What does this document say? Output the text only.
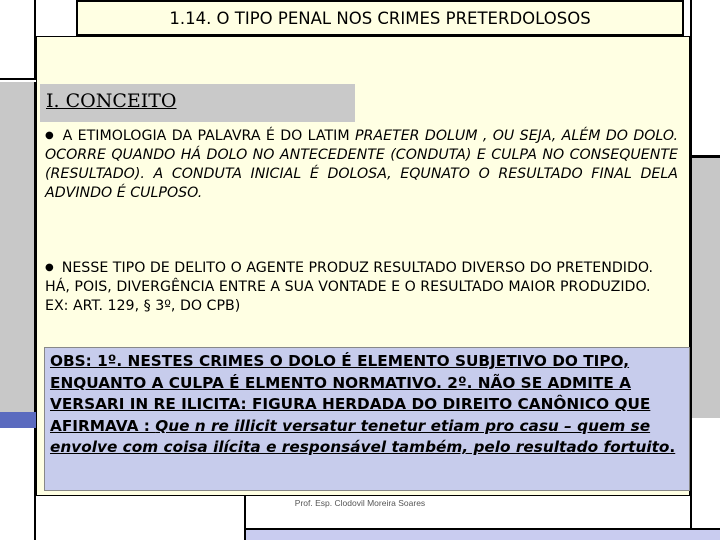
1.14. O TIPO PENAL NOS CRIMES PRETERDOLOSOS
I. CONCEITO
● A ETIMOLOGIA DA PALAVRA É DO LATIM PRAETER DOLUM , OU SEJA, ALÉM DO DOLO. OCORRE QUANDO HÁ DOLO NO ANTECEDENTE (CONDUTA) E CULPA NO CONSEQUENTE (RESULTADO). A CONDUTA INICIAL É DOLOSA, EQUNATO O RESULTADO FINAL DELA ADVINDO É CULPOSO.
● NESSE TIPO DE DELITO O AGENTE PRODUZ RESULTADO DIVERSO DO PRETENDIDO. HÁ, POIS, DIVERGÊNCIA ENTRE A SUA VONTADE E O RESULTADO MAIOR PRODUZIDO. EX: ART. 129, § 3º, DO CPB)
OBS: 1º. NESTES CRIMES O DOLO É ELEMENTO SUBJETIVO DO TIPO, ENQUANTO A CULPA É ELMENTO NORMATIVO. 2º. NÃO SE ADMITE A VERSARI IN RE ILICITA: FIGURA HERDADA DO DIREITO CANÔNICO QUE AFIRMAVA : Que n re illicit versatur tenetur etiam pro casu – quem se envolve com coisa ilícita e responsável também, pelo resultado fortuito.
Prof. Esp. Clodovil Moreira Soares
